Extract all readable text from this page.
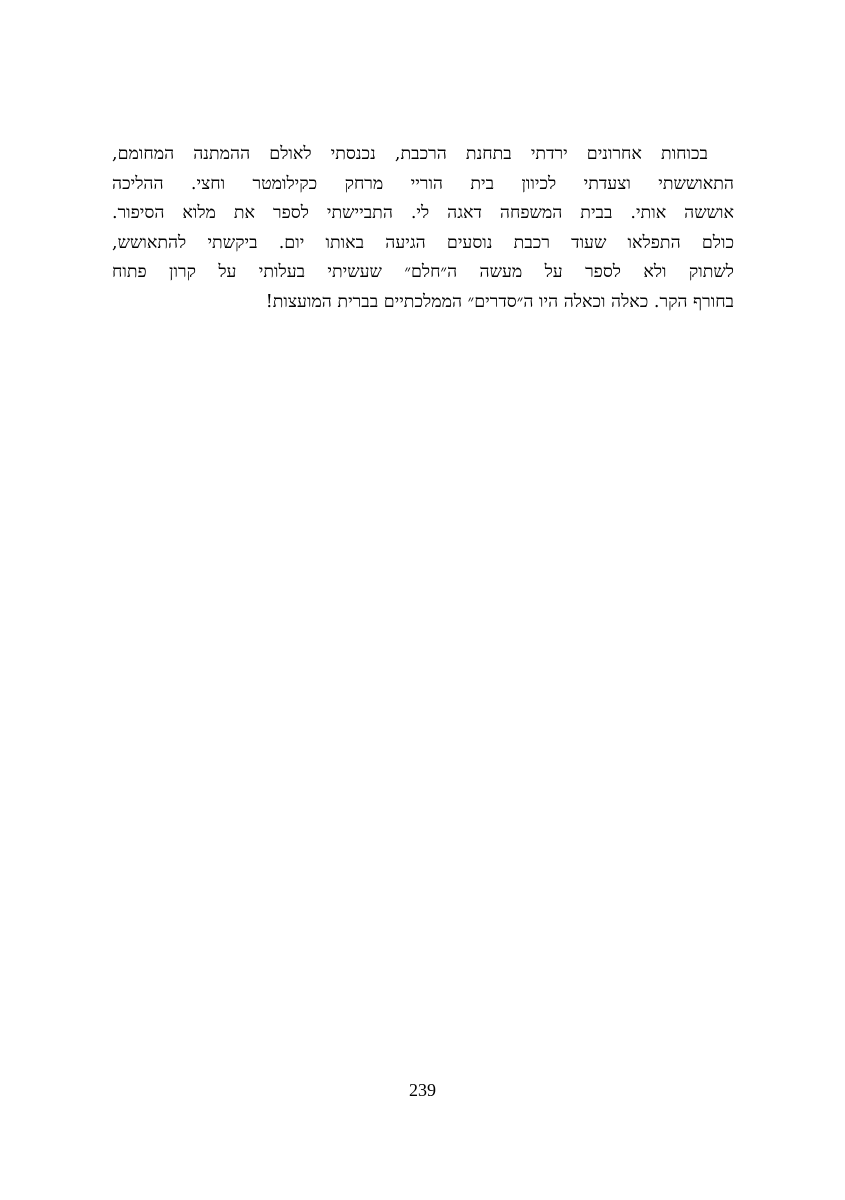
בכוחות אחרונים ירדתי בתחנת הרכבת, נכנסתי לאולם ההמתנה המחומם,
התאוששתי וצעדתי לכיוון בית הוריי מרחק כקילומטר וחצי. ההליכה
אוששה אותי. בבית המשפחה דאגה לי. התביישתי לספר את מלוא הסיפור.
כולם התפלאו שעוד רכבת נוסעים הגיעה באותו יום. ביקשתי להתאושש,
לשתוק ולא לספר על מעשה ה״חלם״ שעשיתי בעלותי על קרון פתוח
בחורף הקר. כאלה וכאלה היו ה״סדרים״ הממלכתיים בברית המועצות!
239
